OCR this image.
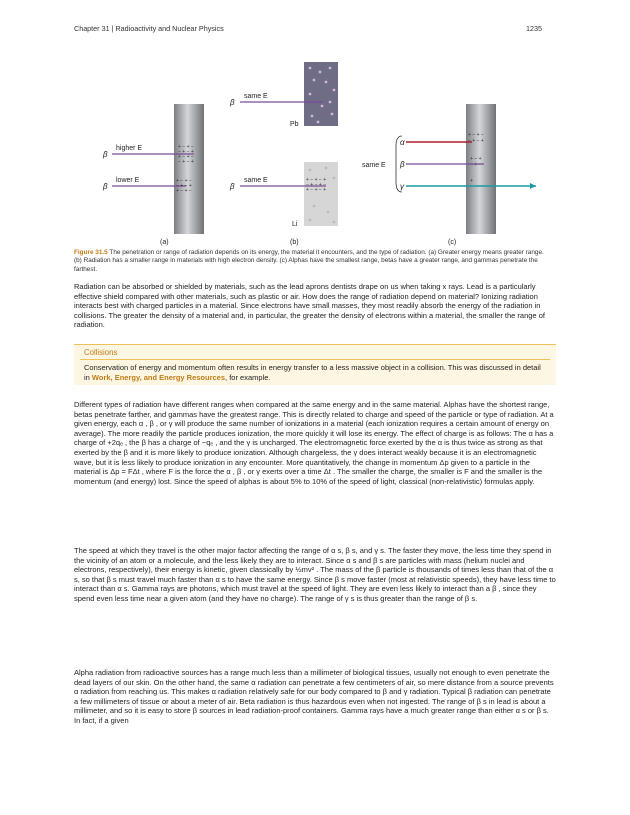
Chapter 31 | Radioactivity and Nuclear Physics	1235
+ − + −
− + − +
+ − + −
− + − +
+ − + −
− + − +
+ − + −
β
β
higher E
lower E
(a)
+ − + − +
− + − + −
+ − + − +
β
β
same E
same E
Pb
Li
(b)
+ − + −
− + − +
+ − +
− + −
+
α
β
γ
same E
(c)
Figure 31.5 The penetration or range of radiation depends on its energy, the material it encounters, and the type of radiation. (a) Greater energy means greater range. (b) Radiation has a smaller range in materials with high electron density. (c) Alphas have the smallest range, betas have a greater range, and gammas penetrate the farthest.
Radiation can be absorbed or shielded by materials, such as the lead aprons dentists drape on us when taking x rays. Lead is a particularly effective shield compared with other materials, such as plastic or air. How does the range of radiation depend on material? Ionizing radiation interacts best with charged particles in a material. Since electrons have small masses, they most readily absorb the energy of the radiation in collisions. The greater the density of a material and, in particular, the greater the density of electrons within a material, the smaller the range of radiation.
Collisions
Conservation of energy and momentum often results in energy transfer to a less massive object in a collision. This was discussed in detail in Work, Energy, and Energy Resources, for example.
Different types of radiation have different ranges when compared at the same energy and in the same material. Alphas have the shortest range, betas penetrate farther, and gammas have the greatest range. This is directly related to charge and speed of the particle or type of radiation. At a given energy, each α , β , or γ will produce the same number of ionizations in a material (each ionization requires a certain amount of energy on average). The more readily the particle produces ionization, the more quickly it will lose its energy. The effect of charge is as follows: The α has a charge of +2qₑ , the β has a charge of −qₑ , and the γ is uncharged. The electromagnetic force exerted by the α is thus twice as strong as that exerted by the β and it is more likely to produce ionization. Although chargeless, the γ does interact weakly because it is an electromagnetic wave, but it is less likely to produce ionization in any encounter. More quantitatively, the change in momentum Δp given to a particle in the material is Δp = FΔt , where F is the force the α , β , or γ exerts over a time Δt . The smaller the charge, the smaller is F and the smaller is the momentum (and energy) lost. Since the speed of alphas is about 5% to 10% of the speed of light, classical (non-relativistic) formulas apply.
The speed at which they travel is the other major factor affecting the range of α s, β s, and γ s. The faster they move, the less time they spend in the vicinity of an atom or a molecule, and the less likely they are to interact. Since α s and β s are particles with mass (helium nuclei and electrons, respectively), their energy is kinetic, given classically by ½mv² . The mass of the β particle is thousands of times less than that of the α s, so that β s must travel much faster than α s to have the same energy. Since β s move faster (most at relativistic speeds), they have less time to interact than α s. Gamma rays are photons, which must travel at the speed of light. They are even less likely to interact than a β , since they spend even less time near a given atom (and they have no charge). The range of γ s is thus greater than the range of β s.
Alpha radiation from radioactive sources has a range much less than a millimeter of biological tissues, usually not enough to even penetrate the dead layers of our skin. On the other hand, the same α radiation can penetrate a few centimeters of air, so mere distance from a source prevents α radiation from reaching us. This makes α radiation relatively safe for our body compared to β and γ radiation. Typical β radiation can penetrate a few millimeters of tissue or about a meter of air. Beta radiation is thus hazardous even when not ingested. The range of β s in lead is about a millimeter, and so it is easy to store β sources in lead radiation-proof containers. Gamma rays have a much greater range than either α s or β s. In fact, if a given
